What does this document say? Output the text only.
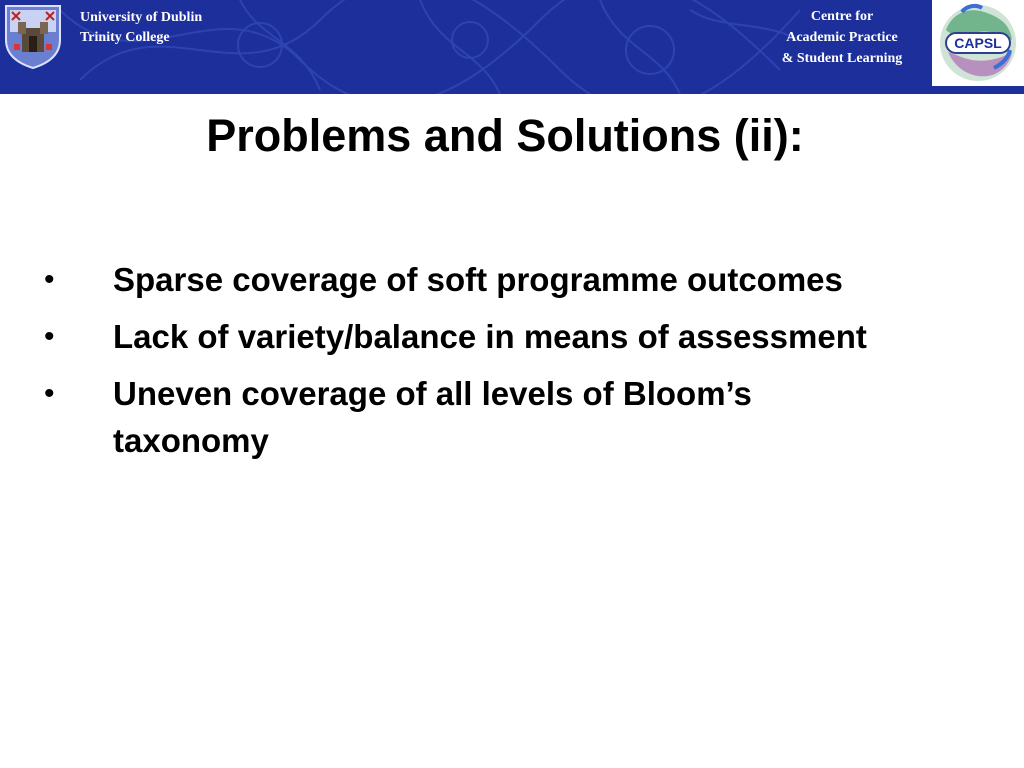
University of Dublin
Trinity College
Centre for
Academic Practice
& Student Learning
CAPSL
Problems and Solutions (ii):
•	Sparse coverage of soft programme outcomes
•	Lack of variety/balance in means of assessment
•	Uneven coverage of all levels of Bloom’s taxonomy
